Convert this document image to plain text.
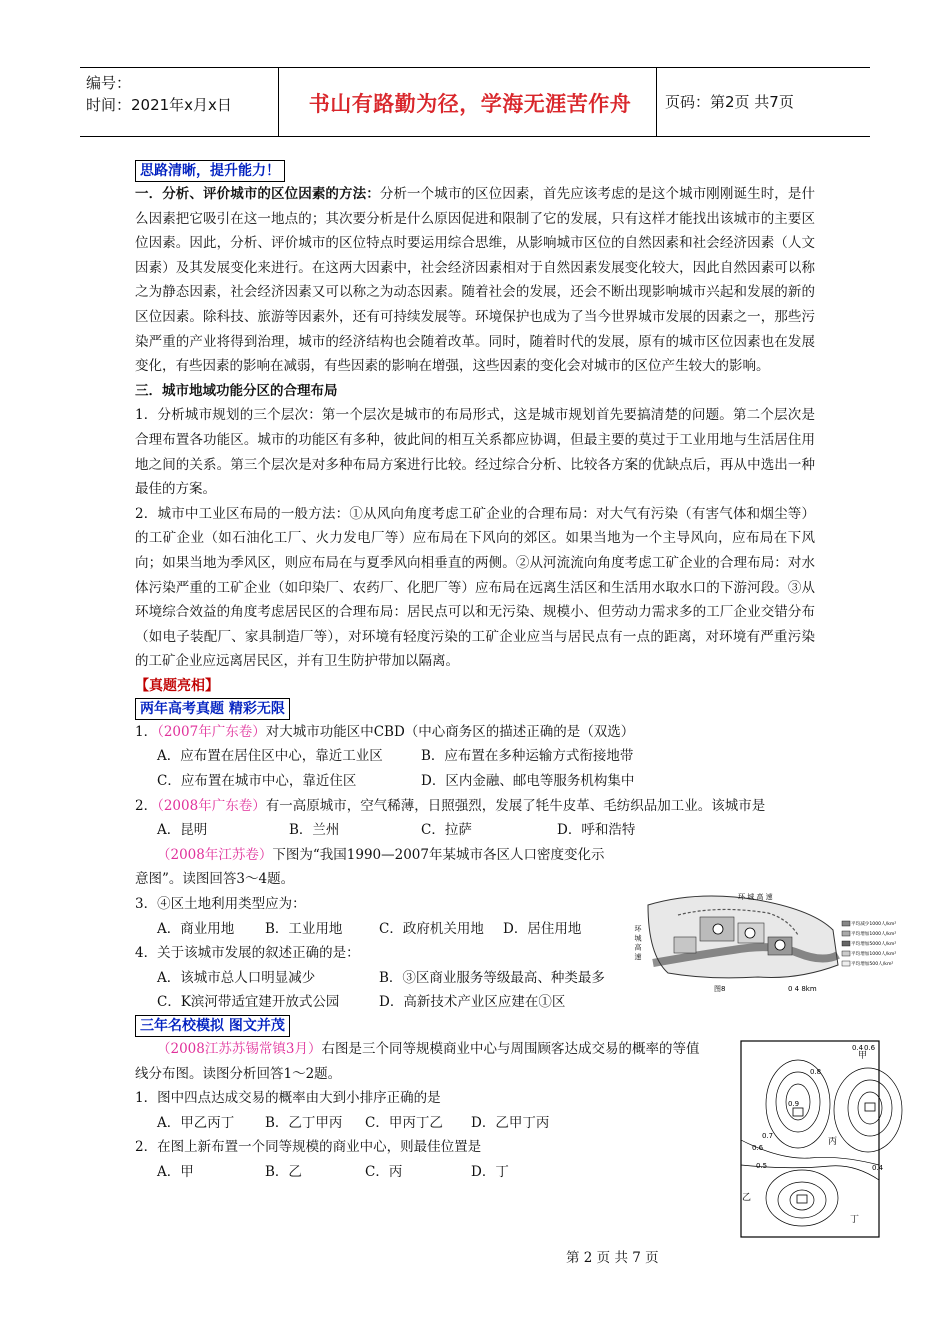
编号：
时间：2021年x月x日	书山有路勤为径，学海无涯苦作舟	页码：第2页 共7页
思路清晰，提升能力！

一．分析、评价城市的区位因素的方法：分析一个城市的区位因素，首先应该考虑的是这个城市刚刚诞生时，是什么因素把它吸引在这一地点的；其次要分析是什么原因促进和限制了它的发展，只有这样才能找出该城市的主要区位因素。因此，分析、评价城市的区位特点时要运用综合思维，从影响城市区位的自然因素和社会经济因素（人文因素）及其发展变化来进行。在这两大因素中，社会经济因素相对于自然因素发展变化较大，因此自然因素可以称之为静态因素，社会经济因素又可以称之为动态因素。随着社会的发展，还会不断出现影响城市兴起和发展的新的区位因素。除科技、旅游等因素外，还有可持续发展等。环境保护也成为了当今世界城市发展的因素之一，那些污染严重的产业将得到治理，城市的经济结构也会随着改革。同时，随着时代的发展，原有的城市区位因素也在发展变化，有些因素的影响在减弱，有些因素的影响在增强，这些因素的变化会对城市的区位产生较大的影响。

三．城市地域功能分区的合理布局

1．分析城市规划的三个层次：第一个层次是城市的布局形式，这是城市规划首先要搞清楚的问题。第二个层次是合理布置各功能区。城市的功能区有多种，彼此间的相互关系都应协调，但最主要的莫过于工业用地与生活居住用地之间的关系。第三个层次是对多种布局方案进行比较。经过综合分析、比较各方案的优缺点后，再从中选出一种最佳的方案。

2．城市中工业区布局的一般方法：①从风向角度考虑工矿企业的合理布局：对大气有污染（有害气体和烟尘等）的工矿企业（如石油化工厂、火力发电厂等）应布局在下风向的郊区。如果当地为一个主导风向，应布局在下风向；如果当地为季风区，则应布局在与夏季风向相垂直的两侧。②从河流流向角度考虑工矿企业的合理布局：对水体污染严重的工矿企业（如印染厂、农药厂、化肥厂等）应布局在远离生活区和生活用水取水口的下游河段。③从环境综合效益的角度考虑居民区的合理布局：居民点可以和无污染、规模小、但劳动力需求多的工厂企业交错分布（如电子装配厂、家具制造厂等），对环境有轻度污染的工矿企业应当与居民点有一点的距离，对环境有严重污染的工矿企业应远离居民区，并有卫生防护带加以隔离。

【真题亮相】
两年高考真题 精彩无限

1．（2007年广东卷）对大城市功能区中CBD（中心商务区的描述正确的是（双选）

A．应布置在居住区中心，靠近工业区	B．应布置在多种运输方式衔接地带
C．应布置在城市中心，靠近住区	D．区内金融、邮电等服务机构集中

2．（2008年广东卷）有一高原城市，空气稀薄，日照强烈，发展了牦牛皮革、毛纺织品加工业。该城市是

A．昆明	B．兰州	C．拉萨	D．呼和浩特

（2008年江苏卷）下图为“我国1990—2007年某城市各区人口密度变化示

意图”。读图回答3～4题。

3．④区土地利用类型应为：

A．商业用地 B．工业用地	C．政府机关用地 D．居住用地

4．关于该城市发展的叙述正确的是：

A．该城市总人口明显减少	B．③区商业服务等级最高、种类最多
C．K滨河带适宜建开放式公园	D．高新技术产业区应建在①区
三年名校模拟 图文并茂

（2008江苏苏锡常镇3月）右图是三个同等规模商业中心与周围顾客达成交易的概率的等值

线分布图。读图分析回答1～2题。

1．图中四点达成交易的概率由大到小排序正确的是

A．甲乙丙丁 B．乙丁甲丙 C．甲丙丁乙 D．乙甲丁丙

2．在图上新布置一个同等规模的商业中心，则最佳位置是

A．甲	B．乙	C．丙	D．丁
环 城 高 速
环 城 高 速
图8	0 4 8km
平均减少1000人/km²
平均增加1000人/km²
平均增加5000人/km²
平均增加1000人/km²
平均增加500人/km²
0.4 0.6
0.9
0.8
0.7
0.6
0.5	0.4
甲
乙
丙
丁
第 2 页 共 7 页
